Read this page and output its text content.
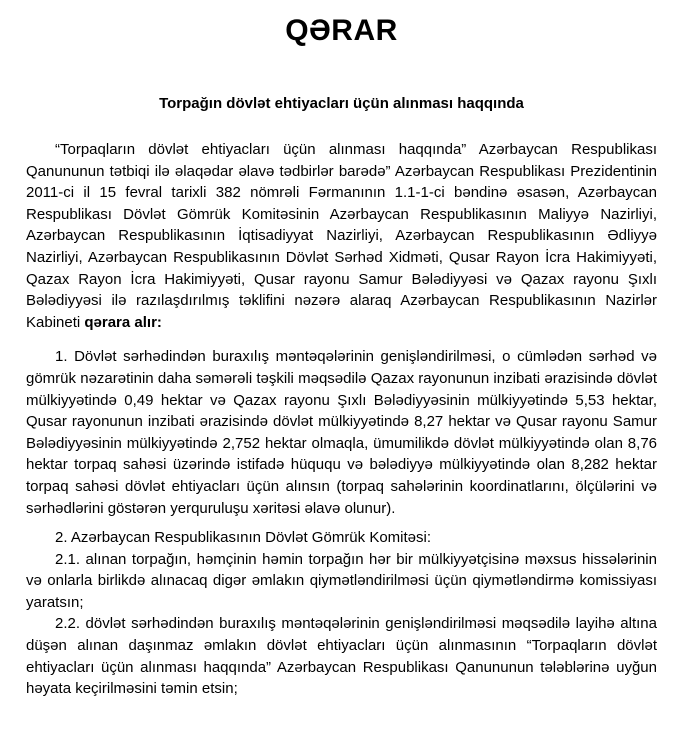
QƏRAR
Torpağın dövlət ehtiyacları üçün alınması haqqında

“Torpaqların dövlət ehtiyacları üçün alınması haqqında” Azərbaycan Respublikası Qanununun tətbiqi ilə əlaqədar əlavə tədbirlər barədə” Azərbaycan Respublikası Prezidentinin 2011-ci il 15 fevral tarixli 382 nömrəli Fərmanının 1.1-1-ci bəndinə əsasən, Azərbaycan Respublikası Dövlət Gömrük Komitəsinin Azərbaycan Respublikasının Maliyyə Nazirliyi, Azərbaycan Respublikasının İqtisadiyyat Nazirliyi, Azərbaycan Respublikasının Ədliyyə Nazirliyi, Azərbaycan Respublikasının Dövlət Sərhəd Xidməti, Qusar Rayon İcra Hakimiyyəti, Qazax Rayon İcra Hakimiyyəti, Qusar rayonu Samur Bələdiyyəsi və Qazax rayonu Şıxlı Bələdiyyəsi ilə razılaşdırılmış təklifini nəzərə alaraq Azərbaycan Respublikasının Nazirlər Kabineti qərara alır:

1. Dövlət sərhədindən buraxılış məntəqələrinin genişləndirilməsi, o cümlədən sərhəd və gömrük nəzarətinin daha səmərəli təşkili məqsədilə Qazax rayonunun inzibati ərazisində dövlət mülkiyyətində 0,49 hektar və Qazax rayonu Şıxlı Bələdiyyəsinin mülkiyyətində 5,53 hektar, Qusar rayonunun inzibati ərazisində dövlət mülkiyyətində 8,27 hektar və Qusar rayonu Samur Bələdiyyəsinin mülkiyyətində 2,752 hektar olmaqla, ümumilikdə dövlət mülkiyyətində olan 8,76 hektar torpaq sahəsi üzərində istifadə hüququ və bələdiyyə mülkiyyətində olan 8,282 hektar torpaq sahəsi dövlət ehtiyacları üçün alınsın (torpaq sahələrinin koordinatlarını, ölçülərini və sərhədlərini göstərən yerquruluşu xəritəsi əlavə olunur).

2. Azərbaycan Respublikasının Dövlət Gömrük Komitəsi:

2.1. alınan torpağın, həmçinin həmin torpağın hər bir mülkiyyətçisinə məxsus hissələrinin və onlarla birlikdə alınacaq digər əmlakın qiymətləndirilməsi üçün qiymətləndirmə komissiyası yaratsın;

2.2. dövlət sərhədindən buraxılış məntəqələrinin genişləndirilməsi məqsədilə layihə altına düşən alınan daşınmaz əmlakın dövlət ehtiyacları üçün alınmasının “Torpaqların dövlət ehtiyacları üçün alınması haqqında” Azərbaycan Respublikası Qanununun tələblərinə uyğun həyata keçirilməsini təmin etsin;
